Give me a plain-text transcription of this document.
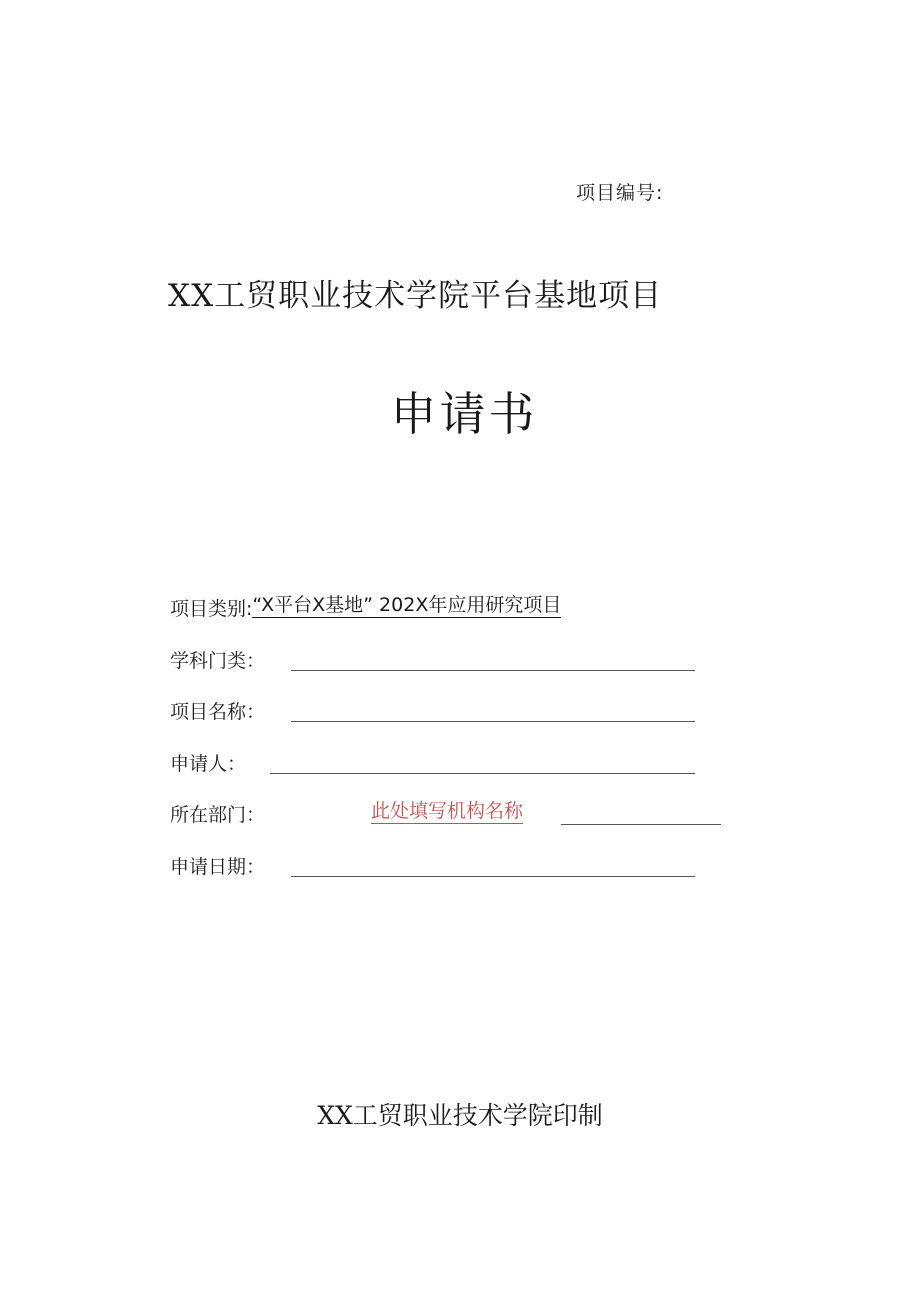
项目编号:
XX工贸职业技术学院平台基地项目
申请书
项目类别: “X平台X基地” 202X年应用研究项目
学科门类：
项目名称：
申请人：
所在部门：	此处填写机构名称
申请日期：
XX工贸职业技术学院印制
